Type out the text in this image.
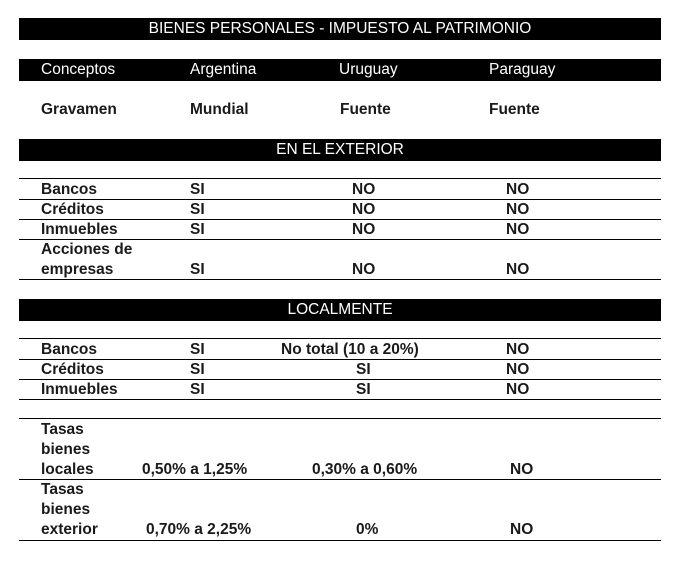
BIENES PERSONALES - IMPUESTO AL PATRIMONIO
Conceptos	Argentina	Uruguay	Paraguay
Gravamen	Mundial	Fuente	Fuente
EN EL EXTERIOR
Bancos	SI	NO	NO
Créditos	SI	NO	NO
Inmuebles	SI	NO	NO
Acciones de
empresas	SI	NO	NO
LOCALMENTE
Bancos	SI	No total (10 a 20%)	NO
Créditos	SI	SI	NO
Inmuebles	SI	SI	NO
Tasas
bienes
locales	0,50% a 1,25%	0,30% a 0,60%	NO
Tasas
bienes
exterior	0,70% a 2,25%	0%	NO
